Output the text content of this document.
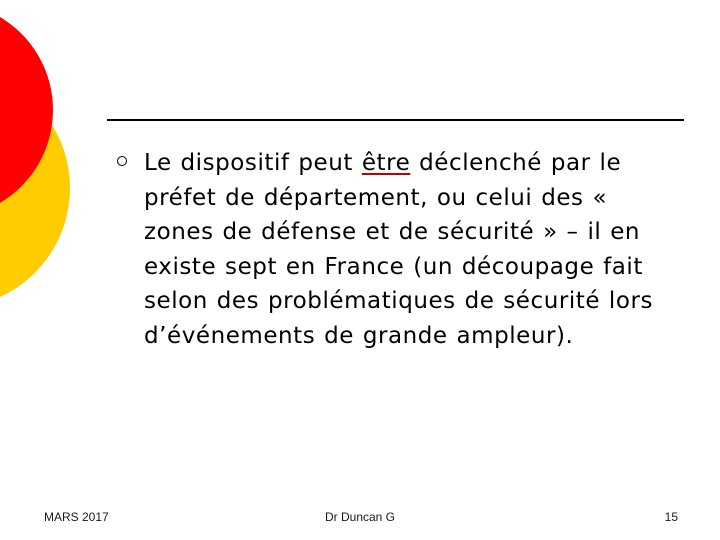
Le dispositif peut être déclenché par le préfet de département, ou celui des « zones de défense et de sécurité » – il en existe sept en France (un découpage fait selon des problématiques de sécurité lors d’événements de grande ampleur).
MARS 2017	Dr Duncan G	15
